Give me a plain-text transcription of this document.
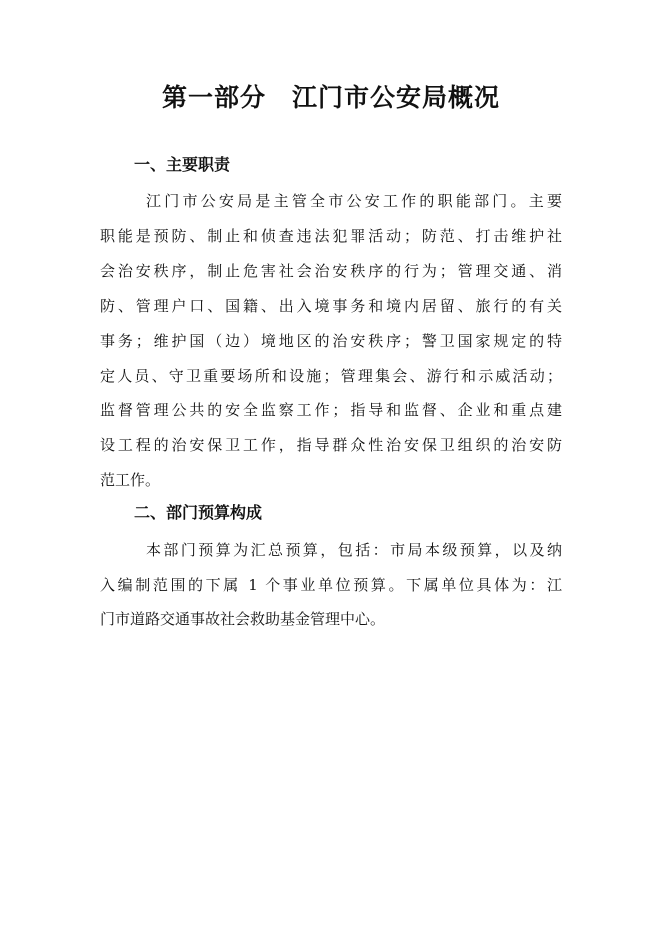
第一部分　江门市公安局概况
一、主要职责
江门市公安局是主管全市公安工作的职能部门。主要
职能是预防、制止和侦查违法犯罪活动；防范、打击维护社
会治安秩序，制止危害社会治安秩序的行为；管理交通、消
防、管理户口、国籍、出入境事务和境内居留、旅行的有关
事务；维护国（边）境地区的治安秩序；警卫国家规定的特
定人员、守卫重要场所和设施；管理集会、游行和示威活动；
监督管理公共的安全监察工作；指导和监督、企业和重点建
设工程的治安保卫工作，指导群众性治安保卫组织的治安防
范工作。
二、部门预算构成
本部门预算为汇总预算，包括：市局本级预算，以及纳
入编制范围的下属 1 个事业单位预算。下属单位具体为：江
门市道路交通事故社会救助基金管理中心。
